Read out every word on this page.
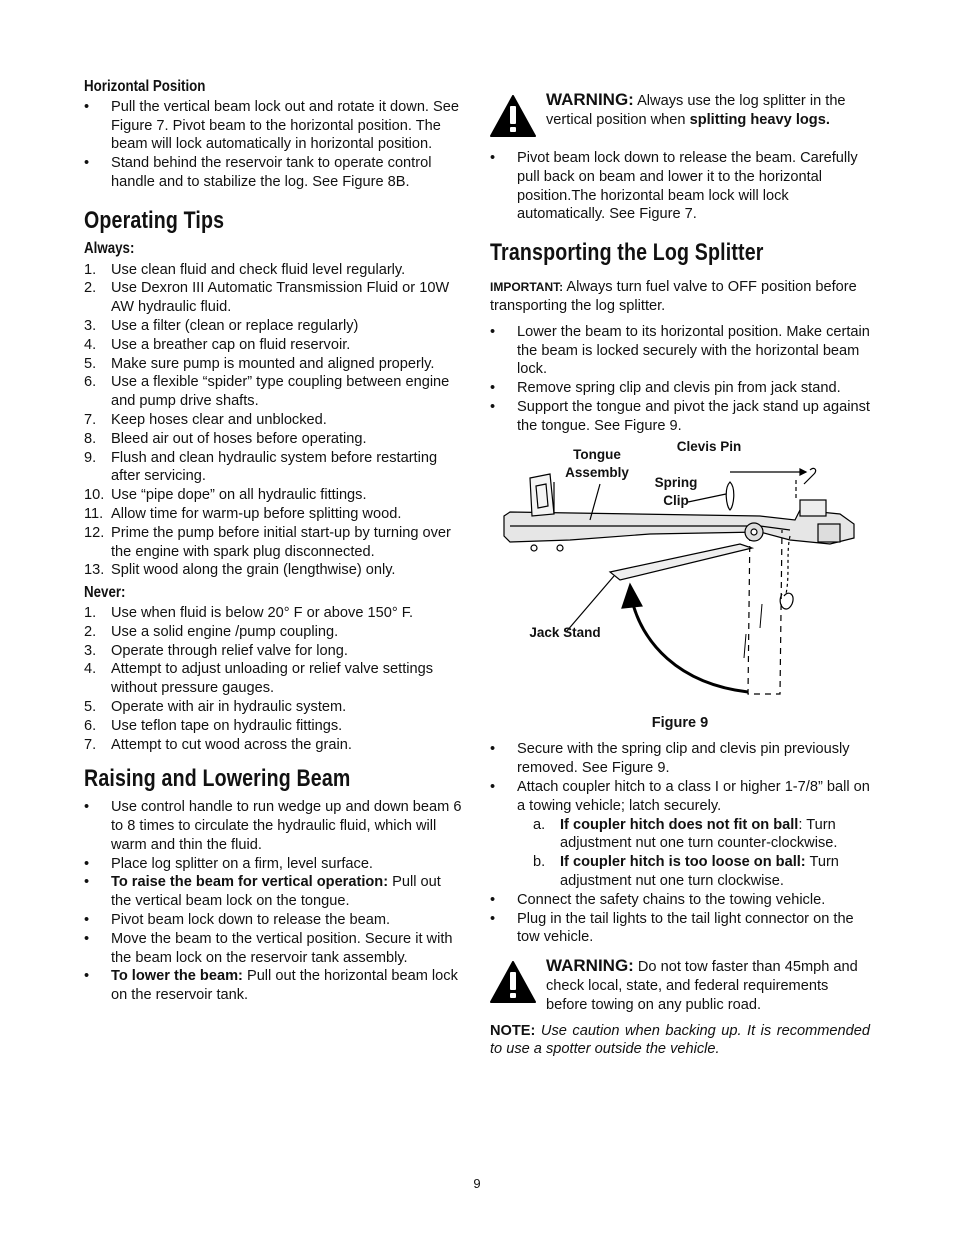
Horizontal Position
• Pull the vertical beam lock out and rotate it down. See Figure 7. Pivot beam to the horizontal position. The beam will lock automatically in horizontal position.
• Stand behind the reservoir tank to operate control handle and to stabilize the log. See Figure 8B.
Operating Tips
Always:
1. Use clean fluid and check fluid level regularly.
2. Use Dexron III Automatic Transmission Fluid or 10W AW hydraulic fluid.
3. Use a filter (clean or replace regularly)
4. Use a breather cap on fluid reservoir.
5. Make sure pump is mounted and aligned properly.
6. Use a flexible “spider” type coupling between engine and pump drive shafts.
7. Keep hoses clear and unblocked.
8. Bleed air out of hoses before operating.
9. Flush and clean hydraulic system before restarting after servicing.
10. Use “pipe dope” on all hydraulic fittings.
11. Allow time for warm-up before splitting wood.
12. Prime the pump before initial start-up by turning over the engine with spark plug disconnected.
13. Split wood along the grain (lengthwise) only.
Never:
1. Use when fluid is below 20° F or above 150° F.
2. Use a solid engine /pump coupling.
3. Operate through relief valve for long.
4. Attempt to adjust unloading or relief valve settings without pressure gauges.
5. Operate with air in hydraulic system.
6. Use teflon tape on hydraulic fittings.
7. Attempt to cut wood across the grain.
Raising and Lowering Beam
• Use control handle to run wedge up and down beam 6 to 8 times to circulate the hydraulic fluid, which will warm and thin the fluid.
• Place log splitter on a firm, level surface.
• To raise the beam for vertical operation: Pull out the vertical beam lock on the tongue.
• Pivot beam lock down to release the beam.
• Move the beam to the vertical position. Secure it with the beam lock on the reservoir tank assembly.
• To lower the beam: Pull out the horizontal beam lock on the reservoir tank.
WARNING: Always use the log splitter in the vertical position when splitting heavy logs.
• Pivot beam lock down to release the beam. Carefully pull back on beam and lower it to the horizontal position.The horizontal beam lock will lock automatically. See Figure 7.
Transporting the Log Splitter

IMPORTANT: Always turn fuel valve to OFF position before transporting the log splitter.

• Lower the beam to its horizontal position. Make certain the beam is locked securely with the horizontal beam lock.
• Remove spring clip and clevis pin from jack stand.
• Support the tongue and pivot the jack stand up against the tongue. See Figure 9.
Tongue
Assembly
Clevis Pin
Spring
Clip
Jack Stand
Figure 9
• Secure with the spring clip and clevis pin previously removed. See Figure 9.
• Attach coupler hitch to a class I or higher 1-7/8” ball on a towing vehicle; latch securely.
a. If coupler hitch does not fit on ball: Turn adjustment nut one turn counter-clockwise.
b. If coupler hitch is too loose on ball: Turn adjustment nut one turn clockwise.
• Connect the safety chains to the towing vehicle.
• Plug in the tail lights to the tail light connector on the tow vehicle.
WARNING: Do not tow faster than 45mph and check local, state, and federal requirements before towing on any public road.

NOTE: Use caution when backing up. It is recommended to use a spotter outside the vehicle.

9
